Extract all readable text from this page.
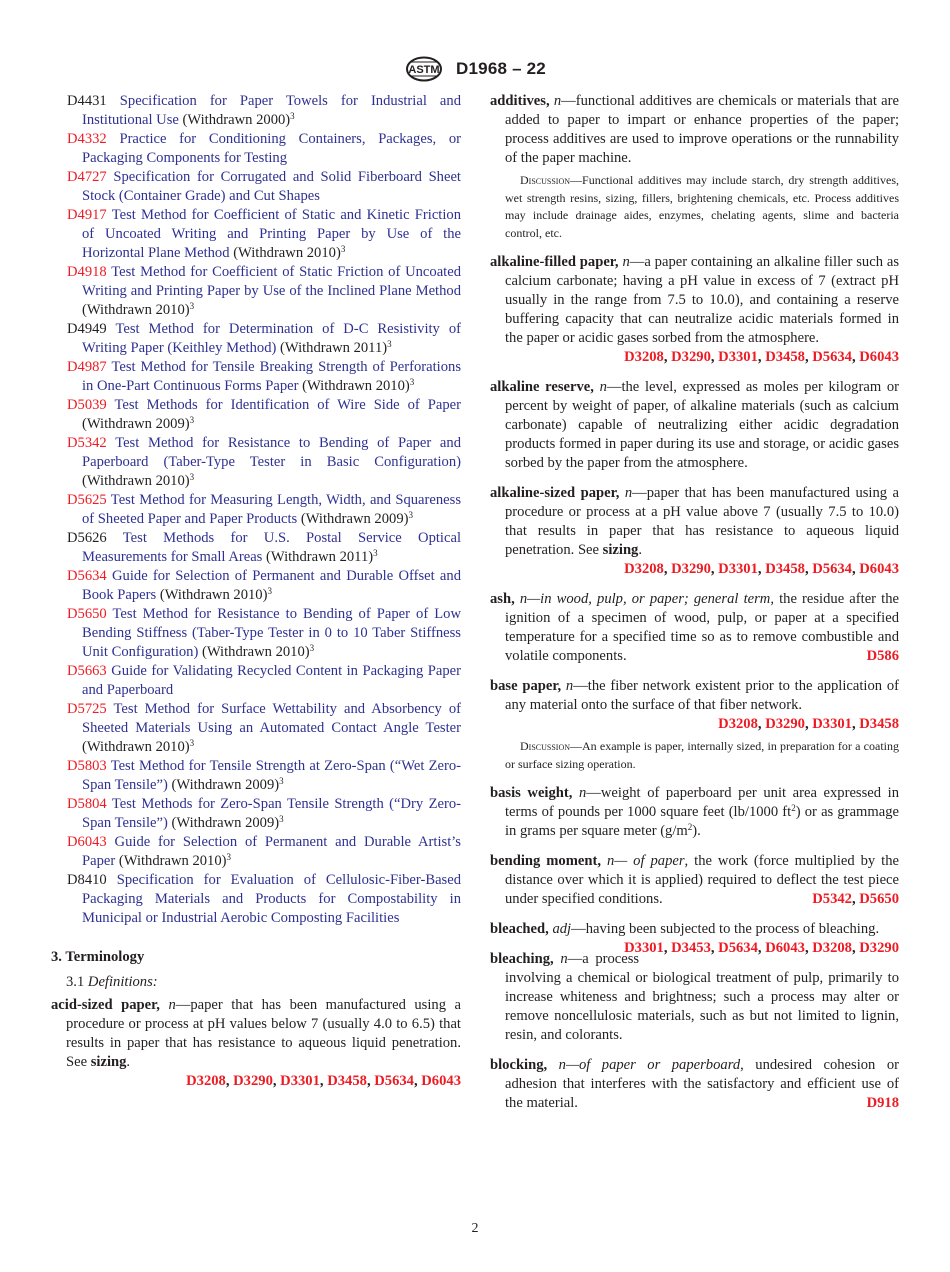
ASTM D1968 – 22

D4431 Specification for Paper Towels for Industrial and Institutional Use (Withdrawn 2000)$^3$

D4332 Practice for Conditioning Containers, Packages, or Packaging Components for Testing

D4727 Specification for Corrugated and Solid Fiberboard Sheet Stock (Container Grade) and Cut Shapes

D4917 Test Method for Coefficient of Static and Kinetic Friction of Uncoated Writing and Printing Paper by Use of the Horizontal Plane Method (Withdrawn 2010)$^3$

D4918 Test Method for Coefficient of Static Friction of Uncoated Writing and Printing Paper by Use of the Inclined Plane Method (Withdrawn 2010)$^3$

D4949 Test Method for Determination of D-C Resistivity of Writing Paper (Keithley Method) (Withdrawn 2011)$^3$

D4987 Test Method for Tensile Breaking Strength of Perforations in One-Part Continuous Forms Paper (Withdrawn 2010)$^3$

D5039 Test Methods for Identification of Wire Side of Paper (Withdrawn 2009)$^3$

D5342 Test Method for Resistance to Bending of Paper and Paperboard (Taber-Type Tester in Basic Configuration) (Withdrawn 2010)$^3$

D5625 Test Method for Measuring Length, Width, and Squareness of Sheeted Paper and Paper Products (Withdrawn 2009)$^3$

D5626 Test Methods for U.S. Postal Service Optical Measurements for Small Areas (Withdrawn 2011)$^3$

D5634 Guide for Selection of Permanent and Durable Offset and Book Papers (Withdrawn 2010)$^3$

D5650 Test Method for Resistance to Bending of Paper of Low Bending Stiffness (Taber-Type Tester in 0 to 10 Taber Stiffness Unit Configuration) (Withdrawn 2010)$^3$

D5663 Guide for Validating Recycled Content in Packaging Paper and Paperboard

D5725 Test Method for Surface Wettability and Absorbency of Sheeted Materials Using an Automated Contact Angle Tester (Withdrawn 2010)$^3$

D5803 Test Method for Tensile Strength at Zero-Span (“Wet Zero-Span Tensile”) (Withdrawn 2009)$^3$

D5804 Test Methods for Zero-Span Tensile Strength (“Dry Zero-Span Tensile”) (Withdrawn 2009)$^3$

D6043 Guide for Selection of Permanent and Durable Artist’s Paper (Withdrawn 2010)$^3$

D8410 Specification for Evaluation of Cellulosic-Fiber-Based Packaging Materials and Products for Compostability in Municipal or Industrial Aerobic Composting Facilities

3. Terminology

3.1 Definitions:

acid-sized paper, n—paper that has been manufactured using a procedure or process at pH values below 7 (usually 4.0 to 6.5) that results in paper that has resistance to aqueous liquid penetration. See sizing.
D3208, D3290, D3301, D3458, D5634, D6043

additives, n—functional additives are chemicals or materials that are added to paper to impart or enhance properties of the paper; process additives are used to improve operations or the runnability of the paper machine.

Discussion—Functional additives may include starch, dry strength additives, wet strength resins, sizing, fillers, brightening chemicals, etc. Process additives may include drainage aides, enzymes, chelating agents, slime and bacteria control, etc.

alkaline-filled paper, n—a paper containing an alkaline filler such as calcium carbonate; having a pH value in excess of 7 (extract pH usually in the range from 7.5 to 10.0), and containing a reserve buffering capacity that can neutralize acidic materials formed in the paper or acidic gases sorbed from the atmosphere.
D3208, D3290, D3301, D3458, D5634, D6043

alkaline reserve, n—the level, expressed as moles per kilogram or percent by weight of paper, of alkaline materials (such as calcium carbonate) capable of neutralizing either acidic degradation products formed in paper during its use and storage, or acidic gases sorbed by the paper from the atmosphere.

alkaline-sized paper, n—paper that has been manufactured using a procedure or process at a pH value above 7 (usually 7.5 to 10.0) that results in paper that has resistance to aqueous liquid penetration. See sizing.
D3208, D3290, D3301, D3458, D5634, D6043

ash, n—in wood, pulp, or paper; general term, the residue after the ignition of a specimen of wood, pulp, or paper at a specified temperature for a specified time so as to remove combustible and volatile components.	D586

base paper, n—the fiber network existent prior to the application of any material onto the surface of that fiber network.
D3208, D3290, D3301, D3458

Discussion—An example is paper, internally sized, in preparation for a coating or surface sizing operation.

basis weight, n—weight of paperboard per unit area expressed in terms of pounds per 1000 square feet (lb/1000 $ft^2$) or as grammage in grams per square meter $(g/m^2)$.

bending moment, n— of paper, the work (force multiplied by the distance over which it is applied) required to deflect the test piece under specified conditions.	D5342, D5650

bleached, adj—having been subjected to the process of bleaching.
D3301, D3453, D5634, D6043, D3208, D3290

bleaching, n—a process involving a chemical or biological treatment of pulp, primarily to increase whiteness and brightness; such a process may alter or remove noncellulosic materials, such as but not limited to lignin, resin, and colorants.

blocking, n—of paper or paperboard, undesired cohesion or adhesion that interferes with the satisfactory and efficient use of the material.	D918

2
